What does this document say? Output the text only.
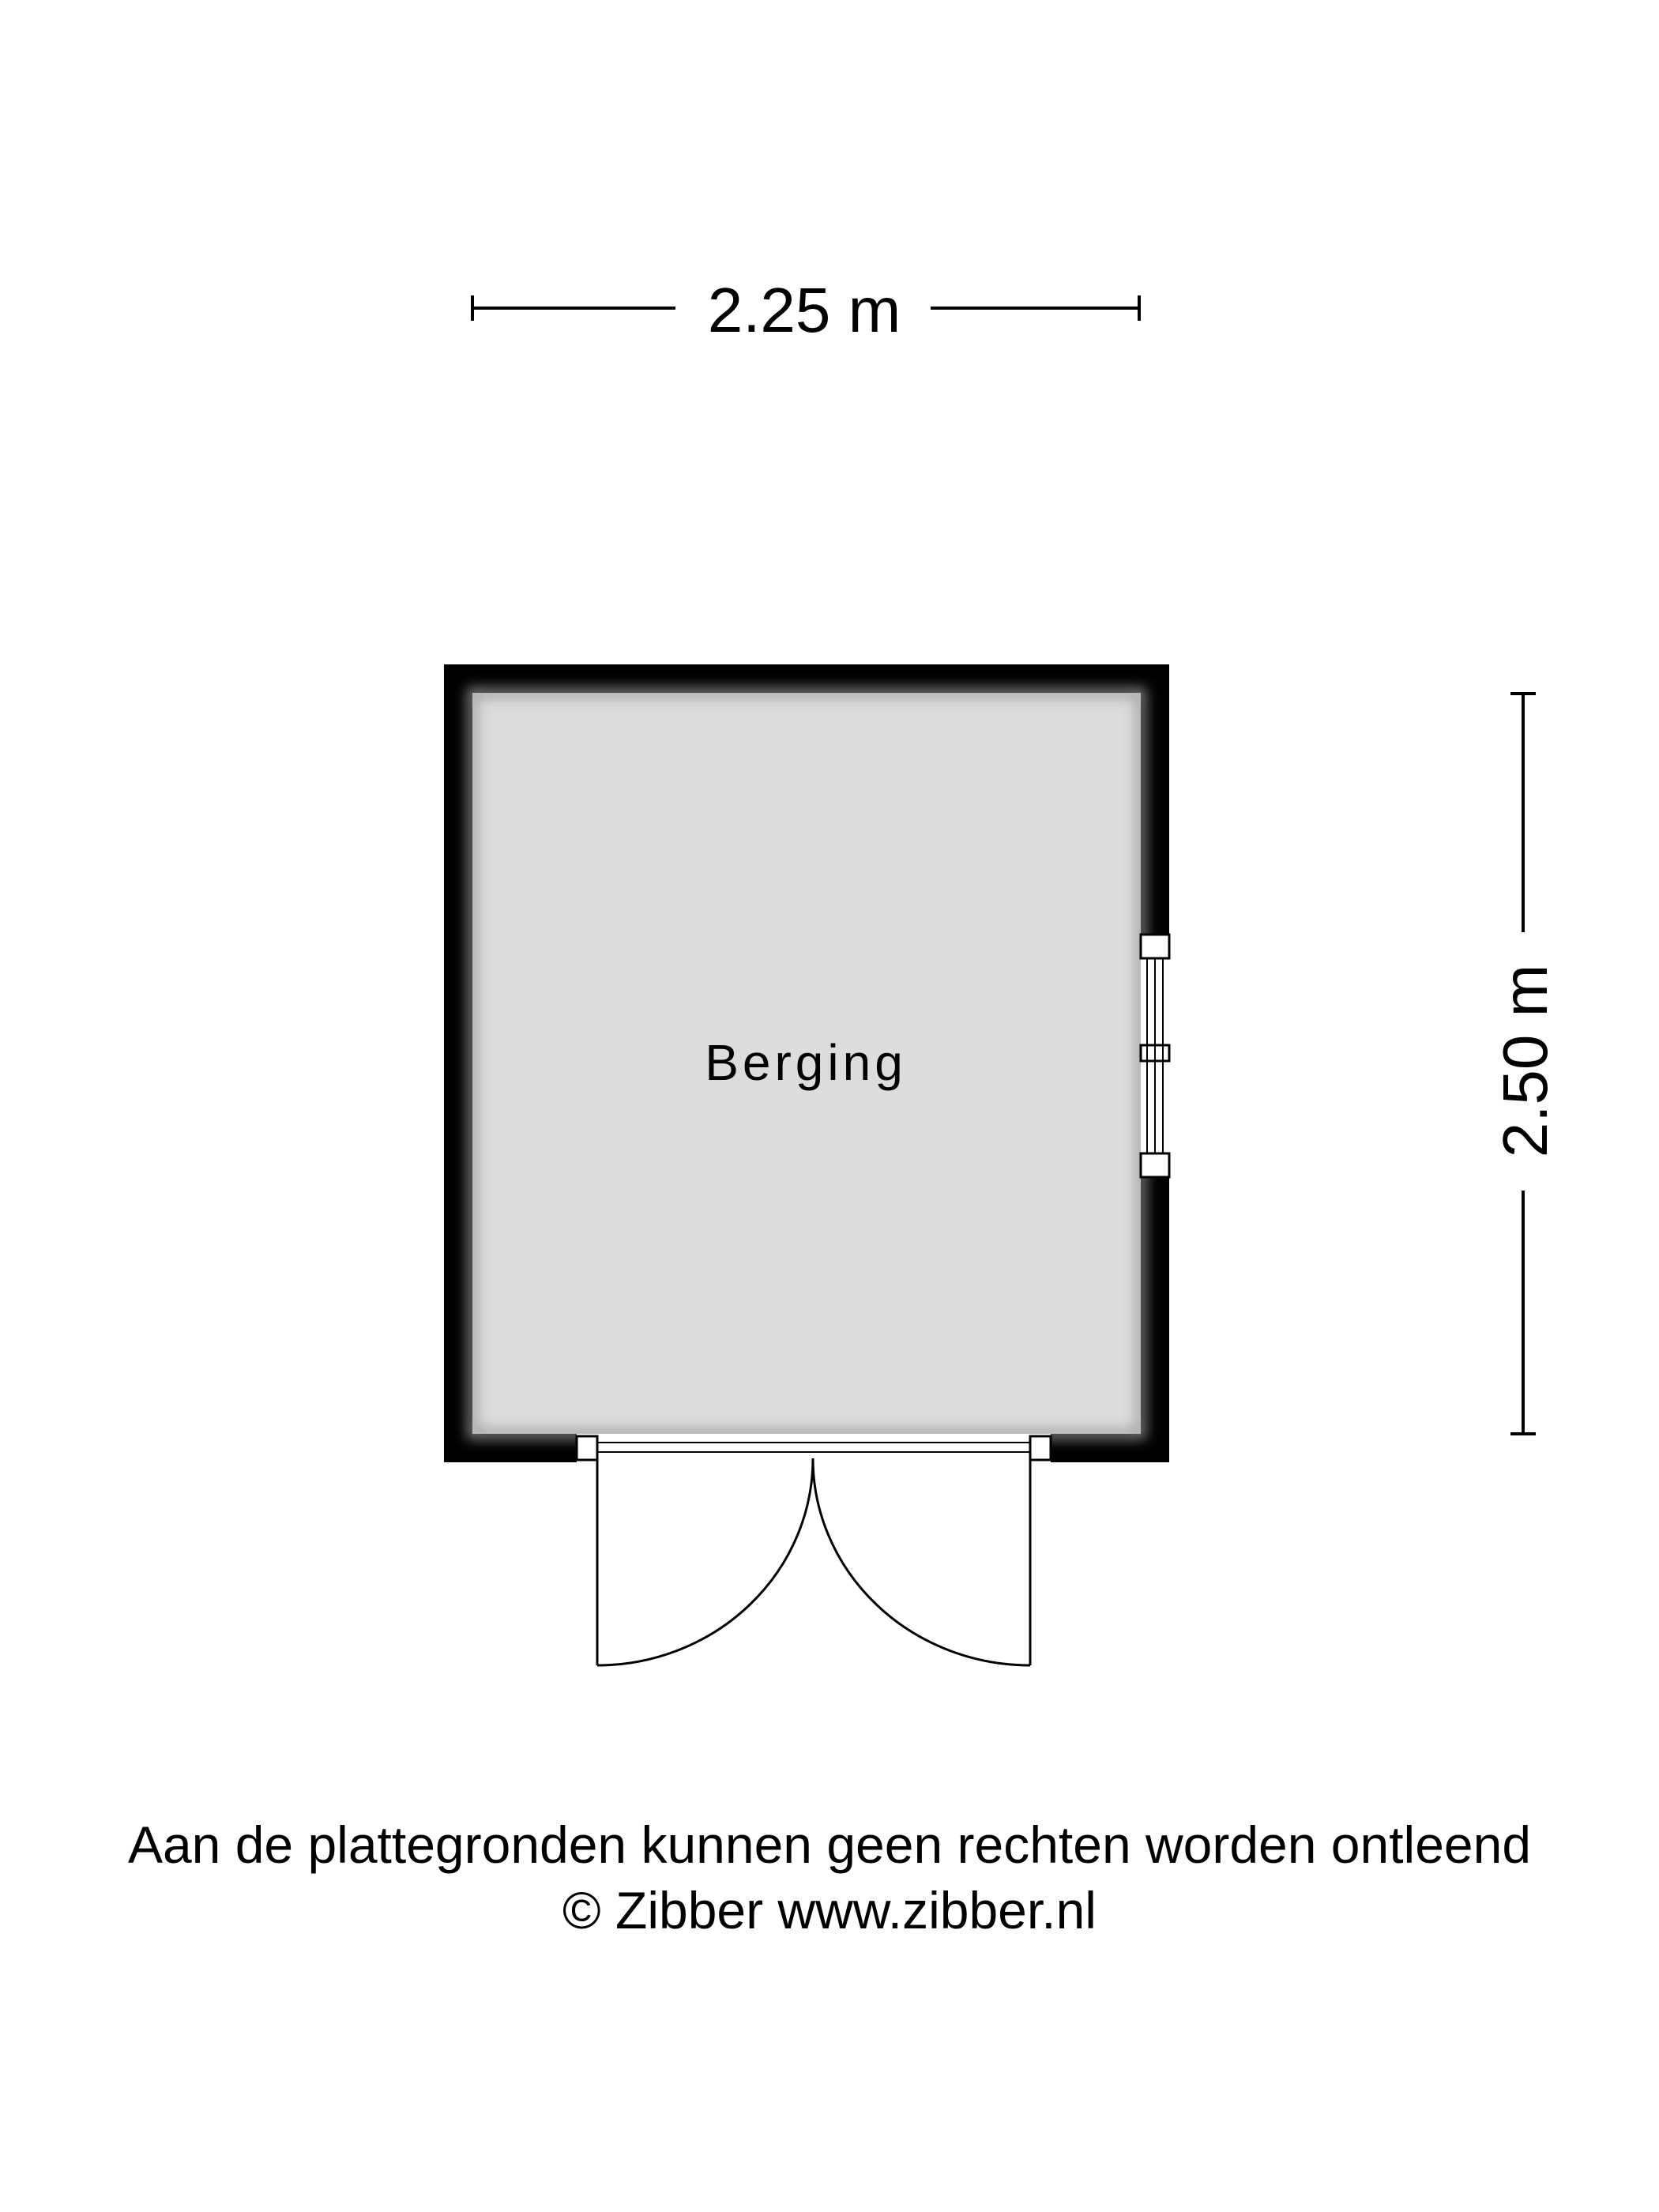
2.25 m
2.50 m
Berging
Aan de plattegronden kunnen geen rechten worden ontleend
© Zibber www.zibber.nl
